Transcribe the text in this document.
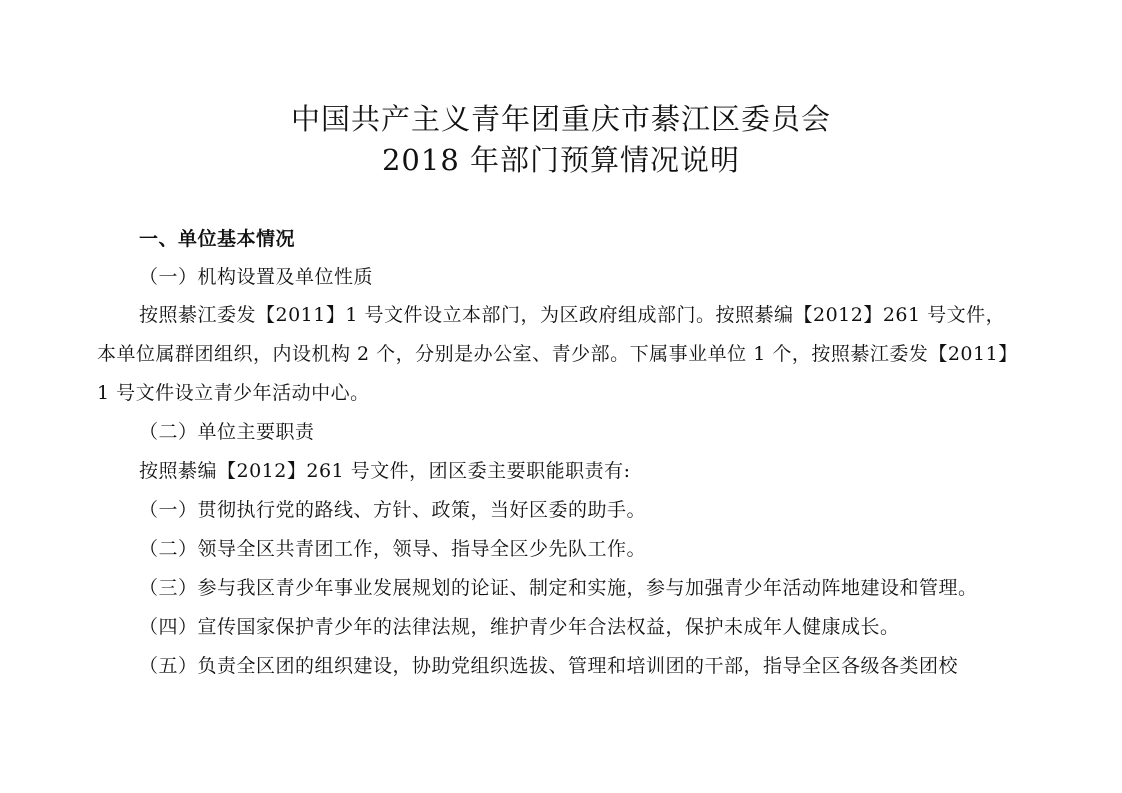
中国共产主义青年团重庆市綦江区委员会
2018 年部门预算情况说明
一、单位基本情况
（一）机构设置及单位性质
按照綦江委发【2011】1 号文件设立本部门，为区政府组成部门。按照綦编【2012】261 号文件，
本单位属群团组织，内设机构 2 个，分别是办公室、青少部。下属事业单位 1 个，按照綦江委发【2011】
1 号文件设立青少年活动中心。
（二）单位主要职责
按照綦编【2012】261 号文件，团区委主要职能职责有:
（一）贯彻执行党的路线、方针、政策，当好区委的助手。
（二）领导全区共青团工作，领导、指导全区少先队工作。
（三）参与我区青少年事业发展规划的论证、制定和实施，参与加强青少年活动阵地建设和管理。
（四）宣传国家保护青少年的法律法规，维护青少年合法权益，保护未成年人健康成长。
（五）负责全区团的组织建设，协助党组织选拔、管理和培训团的干部，指导全区各级各类团校
